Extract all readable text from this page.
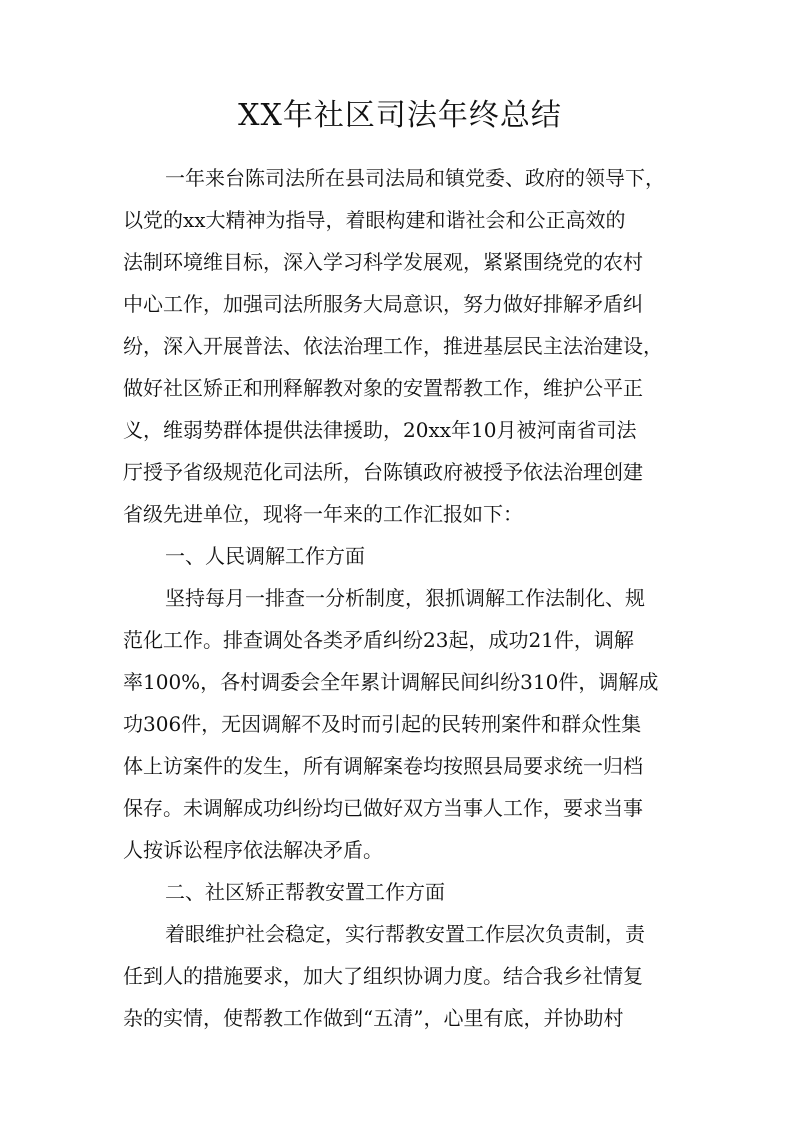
XX年社区司法年终总结
一年来台陈司法所在县司法局和镇党委、政府的领导下，
以党的xx大精神为指导，着眼构建和谐社会和公正高效的
法制环境维目标，深入学习科学发展观，紧紧围绕党的农村
中心工作，加强司法所服务大局意识，努力做好排解矛盾纠
纷，深入开展普法、依法治理工作，推进基层民主法治建设，
做好社区矫正和刑释解教对象的安置帮教工作，维护公平正
义，维弱势群体提供法律援助，20xx年10月被河南省司法
厅授予省级规范化司法所，台陈镇政府被授予依法治理创建
省级先进单位，现将一年来的工作汇报如下：
一、人民调解工作方面
坚持每月一排查一分析制度，狠抓调解工作法制化、规
范化工作。排查调处各类矛盾纠纷23起，成功21件，调解
率100%，各村调委会全年累计调解民间纠纷310件，调解成
功306件，无因调解不及时而引起的民转刑案件和群众性集
体上访案件的发生，所有调解案卷均按照县局要求统一归档
保存。未调解成功纠纷均已做好双方当事人工作，要求当事
人按诉讼程序依法解决矛盾。
二、社区矫正帮教安置工作方面
着眼维护社会稳定，实行帮教安置工作层次负责制，责
任到人的措施要求，加大了组织协调力度。结合我乡社情复
杂的实情，使帮教工作做到“五清”，心里有底，并协助村
